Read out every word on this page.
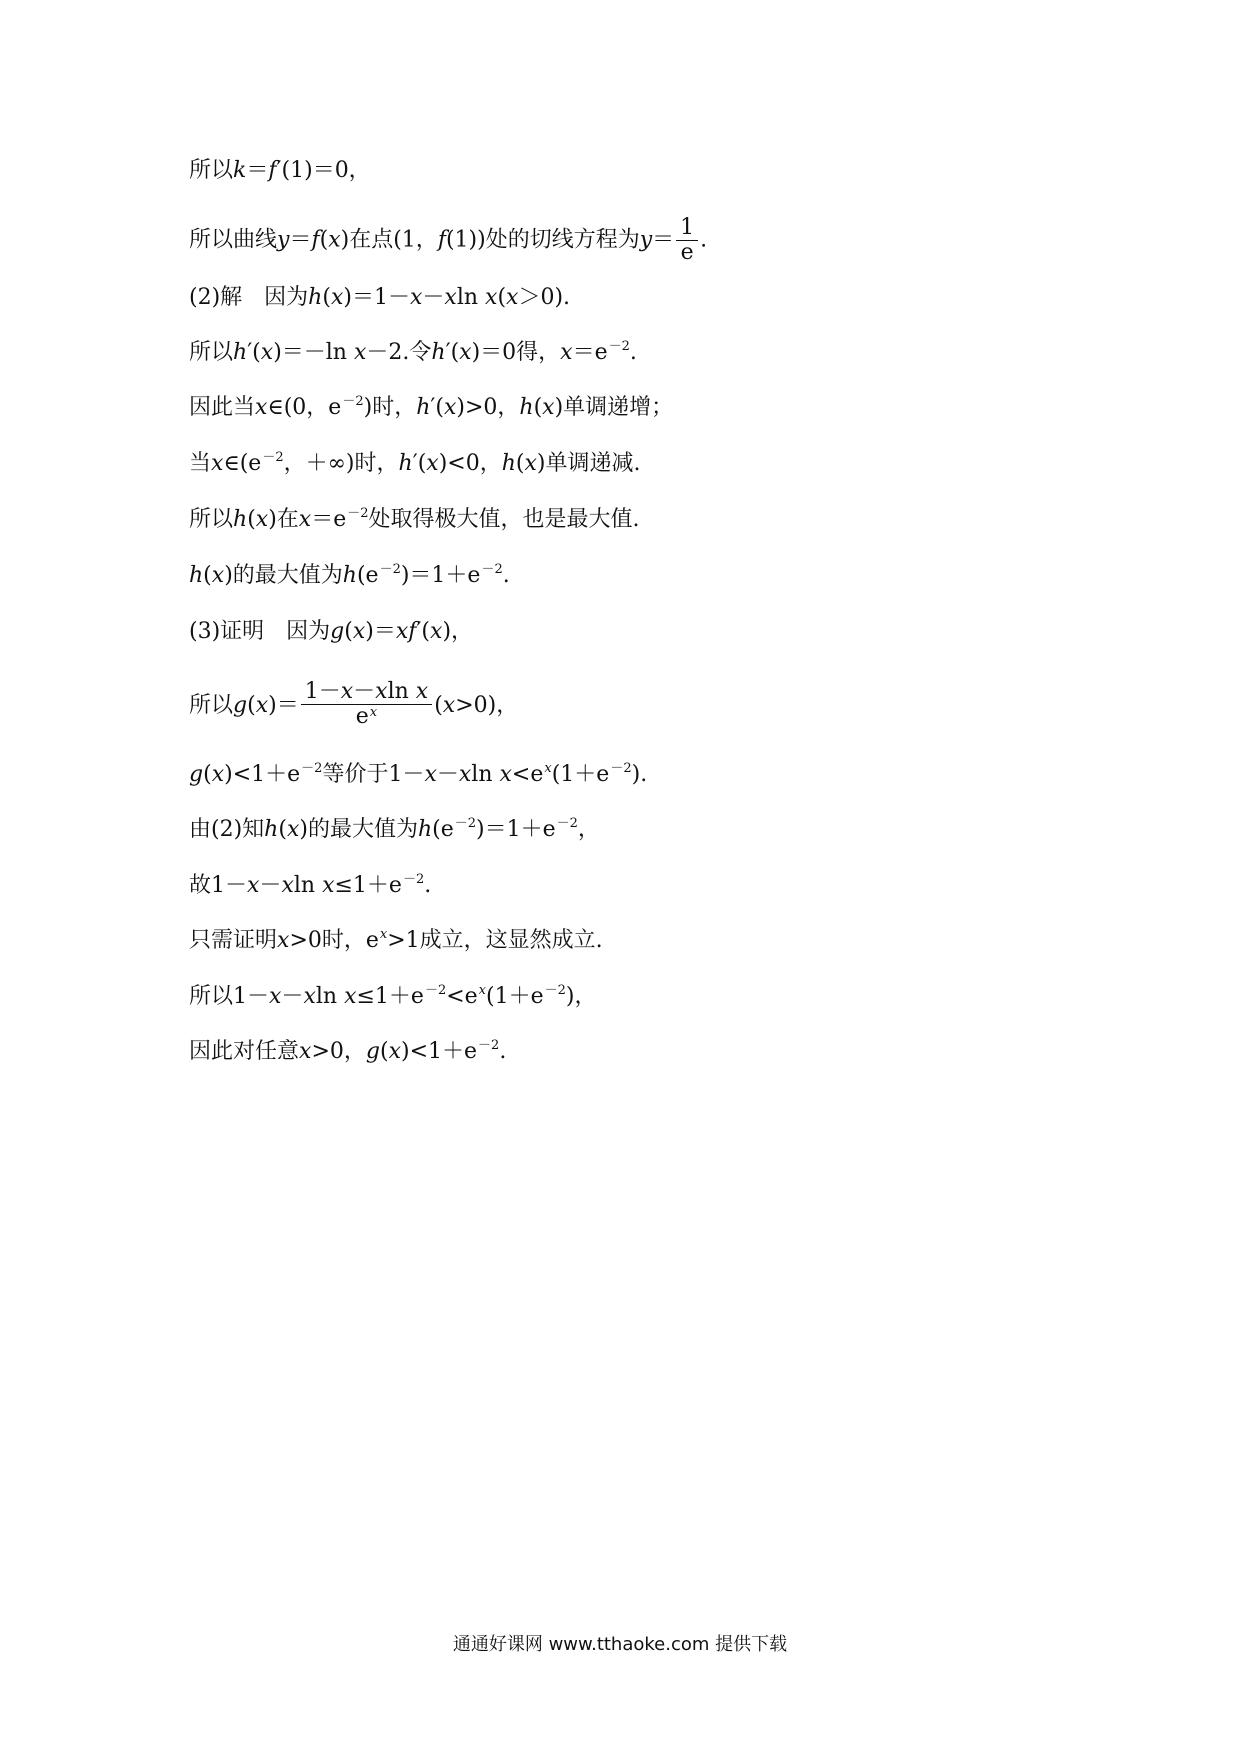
所以k＝f′(1)＝0，
所以曲线y＝f(x)在点(1，f(1))处的切线方程为$y= \frac{1}{e}$ .
(2)解　因为h(x)＝1－x－xln x(x＞0).
所以h′(x)＝－ln x－2.令h′(x)＝0得，$x=e^{-2}$.
因此当x∈(0，$e^{-2}$)时，h′(x)>0，h(x)单调递增；
当$x\in(e^{-2}$，＋∞)时，h′(x)<0，h(x)单调递减.
所以h(x)在$x=e^{-2}$处取得极大值，也是最大值.
h(x)的最大值为$h(e^{-2})=1+e^{-2}$.
(3)证明　因为g(x)＝xf′(x)，
所以$g(x)= \frac{\text{1－x－xln x}}{e^x} (x>0)$，
$g(x)<1+e^{-2}$等价于1－x－xln $x<e^x(1+e^{-2})$.
由(2)知h(x)的最大值为$h(e^{-2})=1+e^{-2}$，
故1－x－xln $x\le 1+e^{-2}$.
只需证明x>0时，$e^x>1$成立，这显然成立.
所以1－x－xln $x\le 1+e^{-2}<e^x(1+e^{-2})$，
因此对任意x>0，$g(x)<1+e^{-2}$.
通通好课网 www.tthaoke.com 提供下载
